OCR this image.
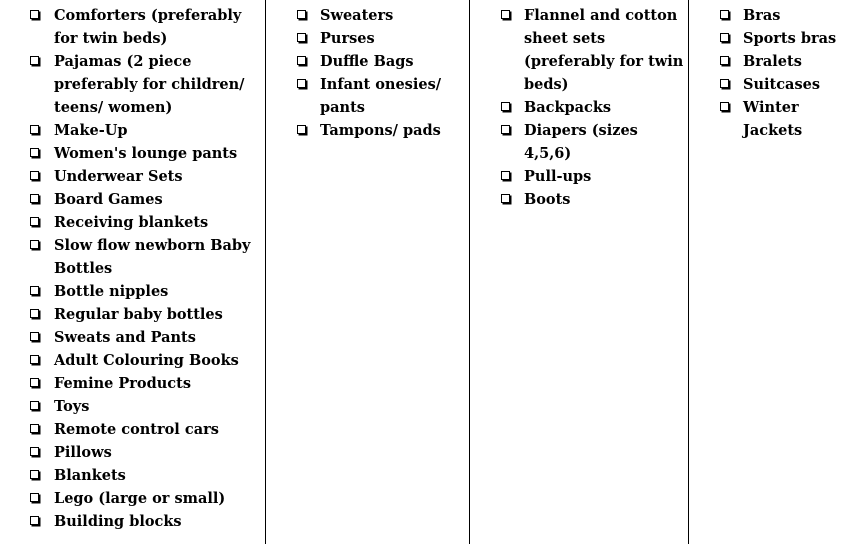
Comforters (preferably for twin beds)
Pajamas (2 piece preferably for children/ teens/ women)
Make-Up
Women's lounge pants
Underwear Sets
Board Games
Receiving blankets
Slow flow newborn Baby Bottles
Bottle nipples
Regular baby bottles
Sweats and Pants
Adult Colouring Books
Femine Products
Toys
Remote control cars
Pillows
Blankets
Lego (large or small)
Building blocks
Sweaters
Purses
Duffle Bags
Infant onesies/ pants
Tampons/ pads
Flannel and cotton sheet sets (preferably for twin beds)
Backpacks
Diapers (sizes 4,5,6)
Pull-ups
Boots
Bras
Sports bras
Bralets
Suitcases
Winter Jackets
